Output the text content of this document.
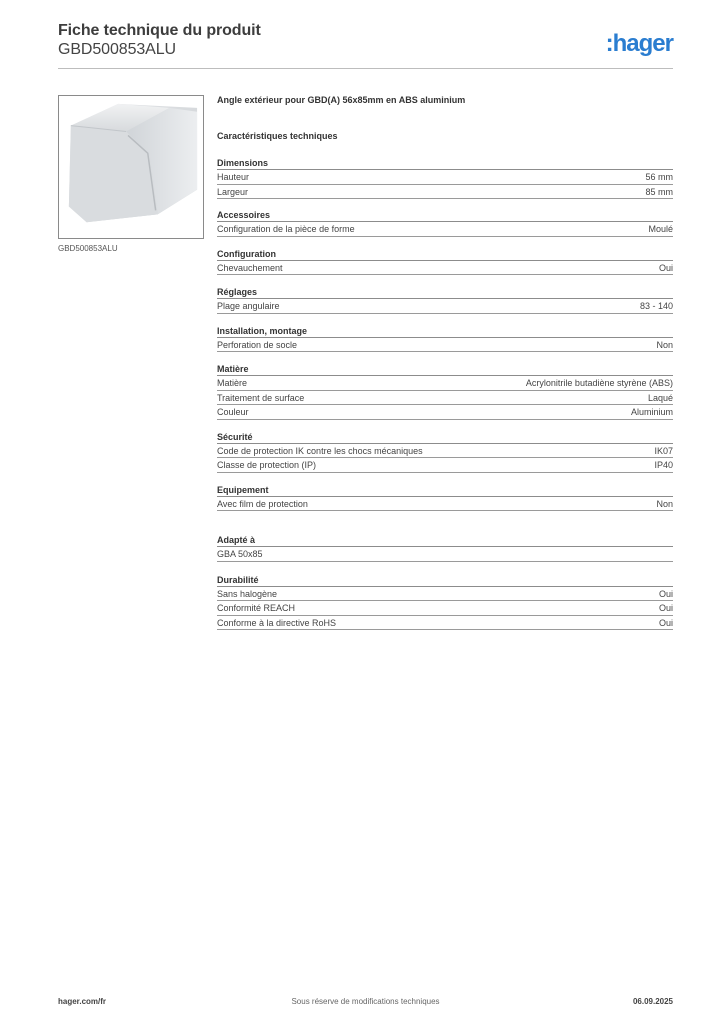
Fiche technique du produit
GBD500853ALU	:hager
GBD500853ALU
Angle extérieur pour GBD(A) 56x85mm en ABS aluminium
Caractéristiques techniques
Dimensions
Hauteur	56 mm
Largeur	85 mm
Accessoires
Configuration de la pièce de forme	Moulé
Configuration
Chevauchement	Oui
Réglages
Plage angulaire	83 - 140
Installation, montage
Perforation de socle	Non
Matière
Matière	Acrylonitrile butadiène styrène (ABS)
Traitement de surface	Laqué
Couleur	Aluminium
Sécurité
Code de protection IK contre les chocs mécaniques	IK07
Classe de protection (IP)	IP40
Equipement
Avec film de protection	Non
Adapté à
GBA 50x85
Durabilité
Sans halogène	Oui
Conformité REACH	Oui
Conforme à la directive RoHS	Oui
hager.com/fr	Sous réserve de modifications techniques	06.09.2025
